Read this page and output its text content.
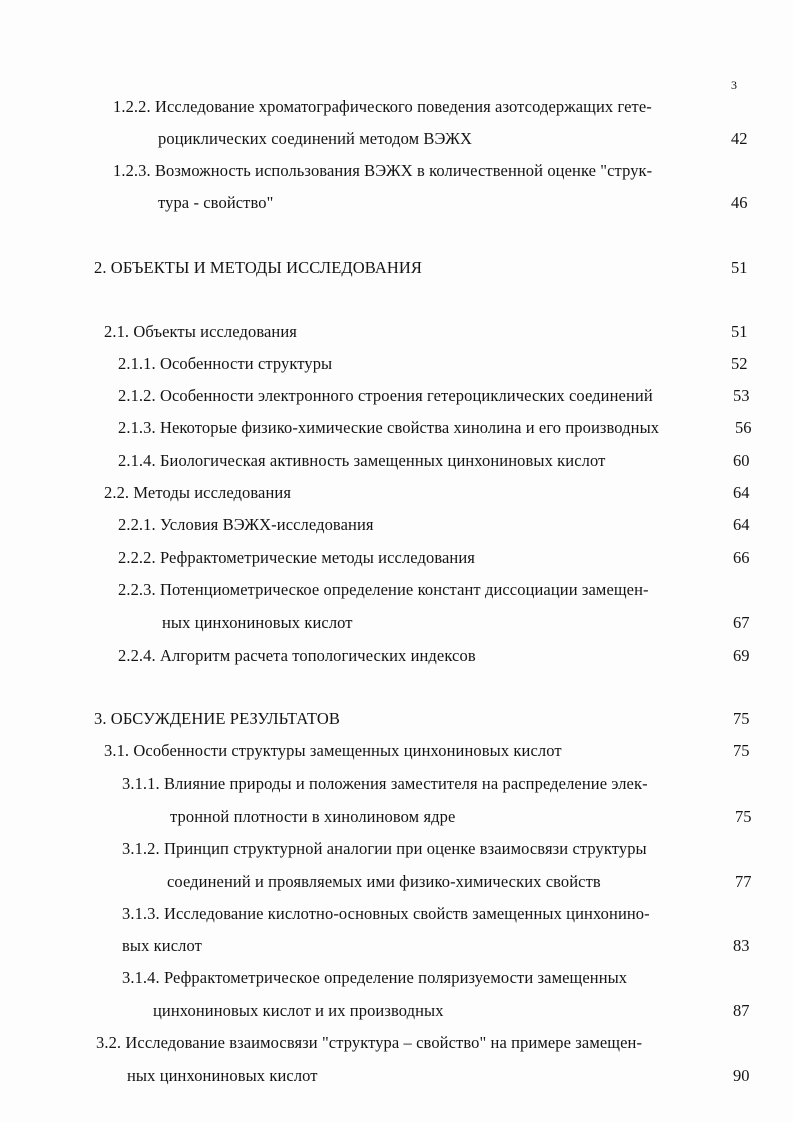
3
1.2.2. Исследование хроматографического поведения азотсодержащих гете-
роциклических соединений методом ВЭЖХ	42
1.2.3. Возможность использования ВЭЖХ в количественной оценке "струк-
тура - свойство"	46
2. ОБЪЕКТЫ И МЕТОДЫ ИССЛЕДОВАНИЯ	51
2.1. Объекты исследования	51
2.1.1. Особенности структуры	52
2.1.2. Особенности электронного строения гетероциклических соединений	53
2.1.3. Некоторые физико-химические свойства хинолина и его производных	56
2.1.4. Биологическая активность замещенных цинхониновых кислот	60
2.2. Методы исследования	64
2.2.1. Условия ВЭЖХ-исследования	64
2.2.2. Рефрактометрические методы исследования	66
2.2.3. Потенциометрическое определение констант диссоциации замещен-
ных цинхониновых кислот	67
2.2.4. Алгоритм расчета топологических индексов	69
3. ОБСУЖДЕНИЕ РЕЗУЛЬТАТОВ	75
3.1. Особенности структуры замещенных цинхониновых кислот	75
3.1.1. Влияние природы и положения заместителя на распределение элек-
тронной плотности в хинолиновом ядре	75
3.1.2. Принцип структурной аналогии при оценке взаимосвязи структуры
соединений и проявляемых ими физико-химических свойств	77
3.1.3. Исследование кислотно-основных свойств замещенных цинхонино-
вых кислот	83
3.1.4. Рефрактометрическое определение поляризуемости замещенных
цинхониновых кислот и их производных	87
3.2. Исследование взаимосвязи "структура – свойство" на примере замещен-
ных цинхониновых кислот	90
